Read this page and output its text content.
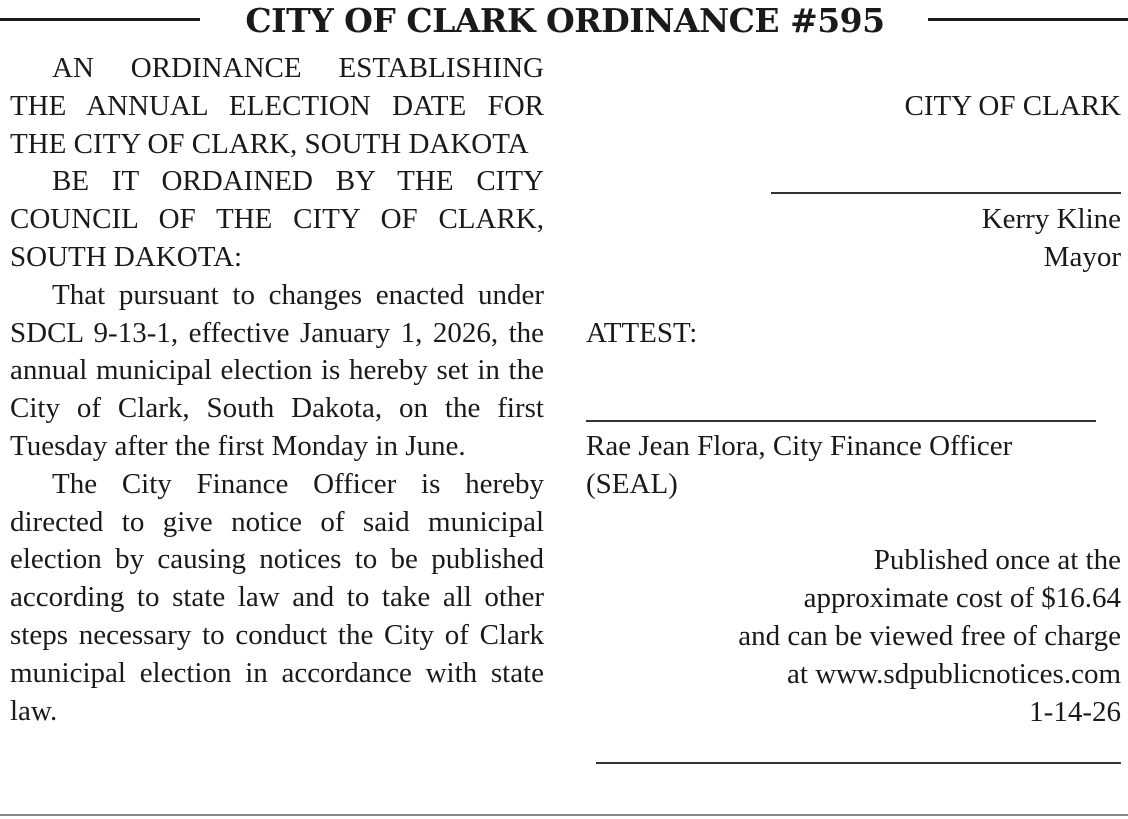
CITY OF CLARK ORDINANCE #595

AN ORDINANCE ESTABLISHING THE ANNUAL ELECTION DATE FOR THE CITY OF CLARK, SOUTH DAKOTA

BE IT ORDAINED BY THE CITY COUNCIL OF THE CITY OF CLARK, SOUTH DAKOTA:

That pursuant to changes enacted under SDCL 9-13-1, effective January 1, 2026, the annual municipal election is hereby set in the City of Clark, South Dakota, on the first Tuesday after the first Monday in June.

The City Finance Officer is hereby directed to give notice of said municipal election by causing notices to be published according to state law and to take all other steps necessary to conduct the City of Clark municipal election in accordance with state law.

CITY OF CLARK
Kerry Kline
Mayor
ATTEST:
Rae Jean Flora, City Finance Officer
(SEAL)
Published once at the
approximate cost of $16.64
and can be viewed free of charge
at www.sdpublicnotices.com
1-14-26
